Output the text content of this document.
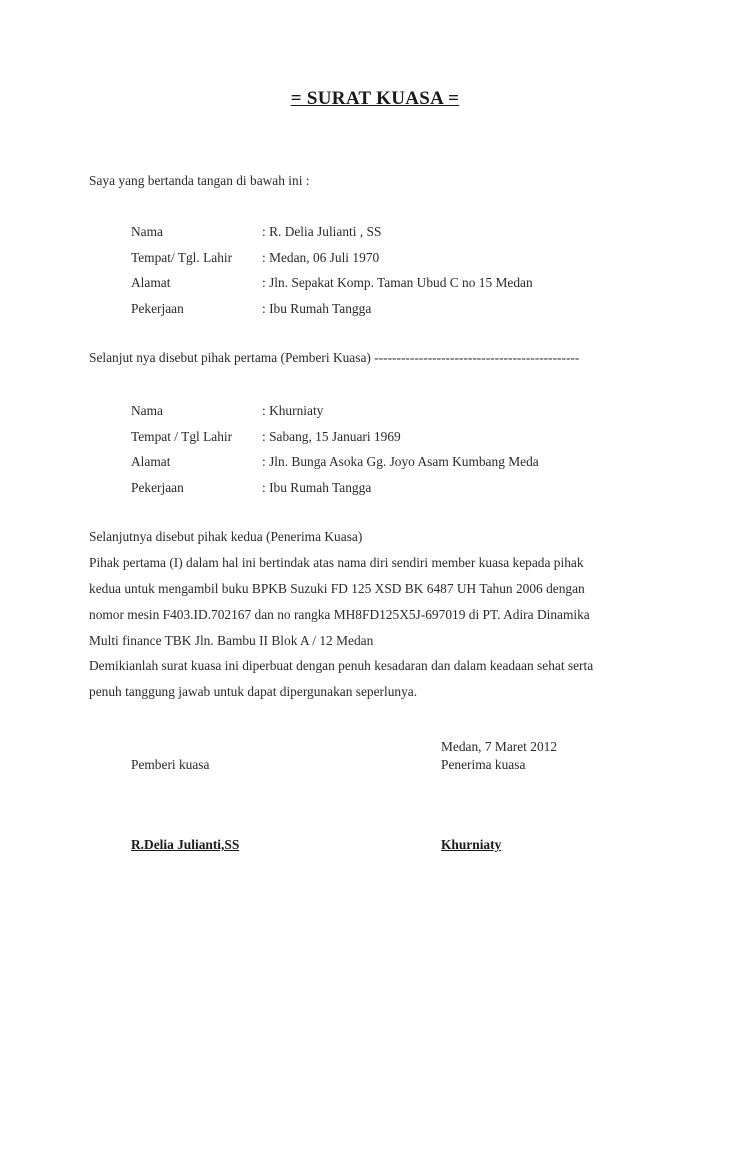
= SURAT KUASA =
Saya yang bertanda tangan di bawah ini :
Nama	: R. Delia Julianti , SS
Tempat/ Tgl. Lahir : Medan, 06 Juli 1970
Alamat	: Jln. Sepakat Komp. Taman Ubud C no 15 Medan
Pekerjaan	: Ibu Rumah Tangga
Selanjut nya disebut pihak pertama (Pemberi Kuasa) ----------------------------------------------
Nama	: Khurniaty
Tempat / Tgl Lahir : Sabang, 15 Januari 1969
Alamat	: Jln. Bunga Asoka Gg. Joyo Asam Kumbang Meda
Pekerjaan	: Ibu Rumah Tangga
Selanjutnya disebut pihak kedua (Penerima Kuasa)
Pihak pertama (I) dalam hal ini bertindak atas nama diri sendiri member kuasa kepada pihak
kedua untuk mengambil buku BPKB Suzuki FD 125 XSD BK 6487 UH Tahun 2006 dengan
nomor mesin F403.ID.702167 dan no rangka MH8FD125X5J-697019 di PT. Adira Dinamika
Multi finance TBK Jln. Bambu II Blok A / 12 Medan
Demikianlah surat kuasa ini diperbuat dengan penuh kesadaran dan dalam keadaan sehat serta
penuh tanggung jawab untuk dapat dipergunakan seperlunya.
Medan, 7 Maret 2012
Pemberi kuasa	Penerima kuasa
R.Delia Julianti,SS	Khurniaty
